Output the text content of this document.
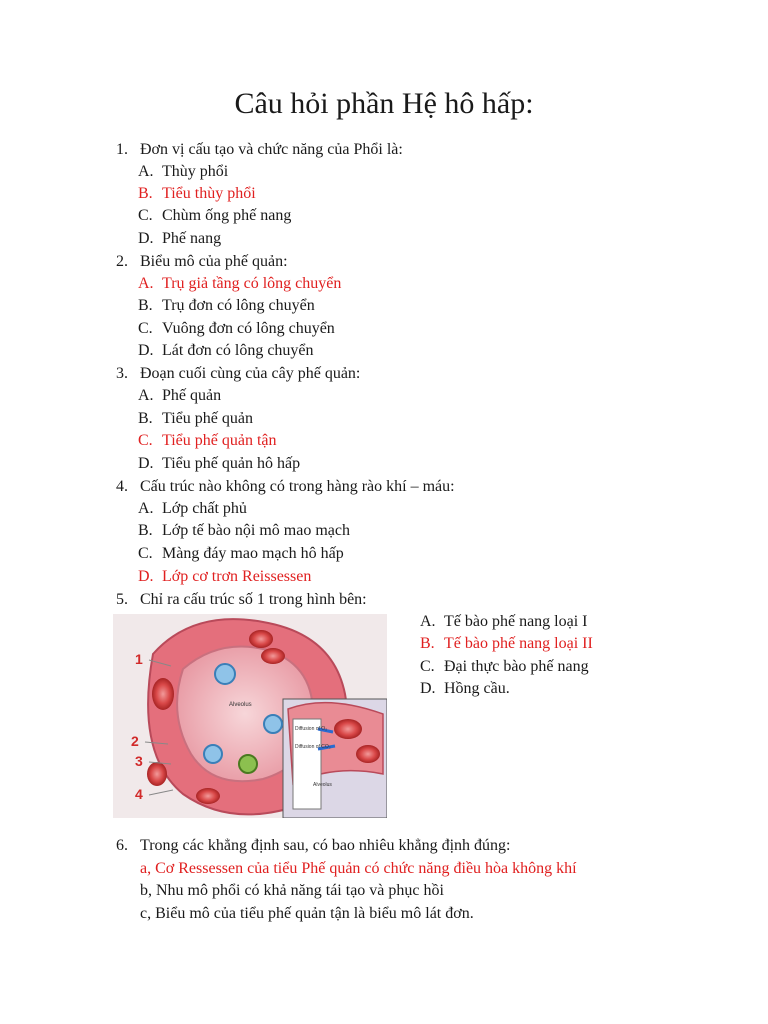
Câu hỏi phần Hệ hô hấp:
1. Đơn vị cấu tạo và chức năng của Phổi là:
A. Thùy phổi
B. Tiểu thùy phổi
C. Chùm ống phế nang
D. Phế nang
2. Biểu mô của phế quản:
A. Trụ giả tầng có lông chuyển
B. Trụ đơn có lông chuyển
C. Vuông đơn có lông chuyển
D. Lát đơn có lông chuyển
3. Đoạn cuối cùng của cây phế quản:
A. Phế quản
B. Tiểu phế quản
C. Tiểu phế quản tận
D. Tiểu phế quản hô hấp
4. Cấu trúc nào không có trong hàng rào khí – máu:
A. Lớp chất phủ
B. Lớp tế bào nội mô mao mạch
C. Màng đáy mao mạch hô hấp
D. Lớp cơ trơn Reissessen
5. Chỉ ra cấu trúc số 1 trong hình bên:
A. Tế bào phế nang loại I
B. Tế bào phế nang loại II
C. Đại thực bào phế nang
D. Hồng cầu.
1
2
3
4
Alveolus
Diffusion of O₂
Diffusion of CO₂
Alveolus
6. Trong các khẳng định sau, có bao nhiêu khẳng định đúng:
a, Cơ Ressessen của tiểu Phế quản có chức năng điều hòa không khí
b, Nhu mô phổi có khả năng tái tạo và phục hồi
c, Biểu mô của tiểu phế quản tận là biểu mô lát đơn.
